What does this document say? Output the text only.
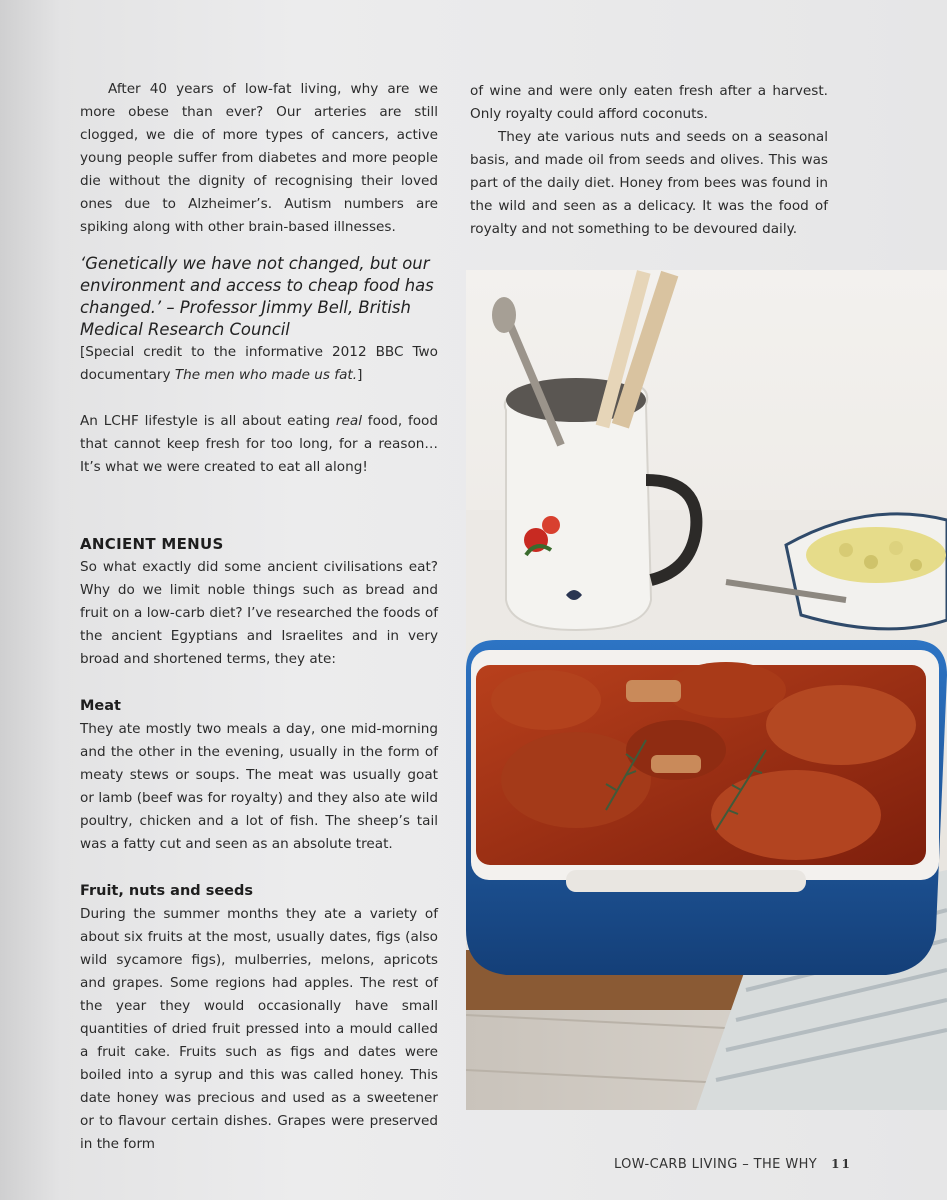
After 40 years of low-fat living, why are we more obese than ever? Our arteries are still clogged, we die of more types of cancers, active young people suffer from diabetes and more people die without the dignity of recognising their loved ones due to Alzheimer’s. Autism numbers are spiking along with other brain-based illnesses.

‘Genetically we have not changed, but our environment and access to cheap food has changed.’ – Professor Jimmy Bell, British Medical Research Council

[Special credit to the informative 2012 BBC Two documentary The men who made us fat.]

An LCHF lifestyle is all about eating real food, food that cannot keep fresh for too long, for a reason… It’s what we were created to eat all along!

ANCIENT MENUS

So what exactly did some ancient civilisations eat? Why do we limit noble things such as bread and fruit on a low-carb diet? I’ve researched the foods of the ancient Egyptians and Israelites and in very broad and shortened terms, they ate:

Meat

They ate mostly two meals a day, one mid-morning and the other in the evening, usually in the form of meaty stews or soups. The meat was usually goat or lamb (beef was for royalty) and they also ate wild poultry, chicken and a lot of fish. The sheep’s tail was a fatty cut and seen as an absolute treat.

Fruit, nuts and seeds

During the summer months they ate a variety of about six fruits at the most, usually dates, figs (also wild sycamore figs), mulberries, melons, apricots and grapes. Some regions had apples. The rest of the year they would occasionally have small quantities of dried fruit pressed into a mould called a fruit cake. Fruits such as figs and dates were boiled into a syrup and this was called honey. This date honey was precious and used as a sweetener or to flavour certain dishes. Grapes were preserved in the form

of wine and were only eaten fresh after a harvest. Only royalty could afford coconuts.

They ate various nuts and seeds on a seasonal basis, and made oil from seeds and olives. This was part of the daily diet. Honey from bees was found in the wild and seen as a delicacy. It was the food of royalty and not something to be devoured daily.

LOW-CARB LIVING – THE WHY 11
